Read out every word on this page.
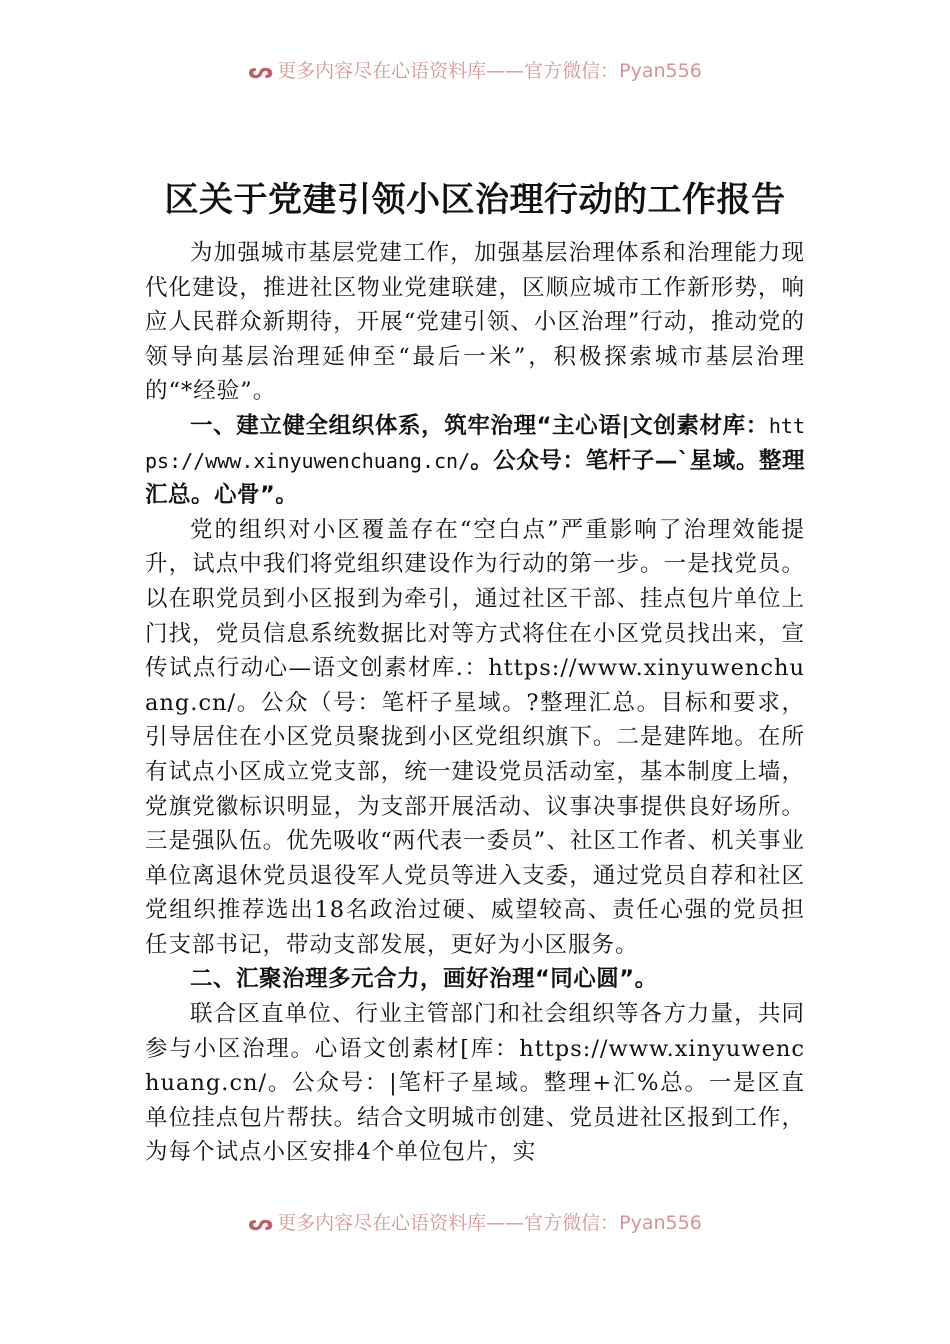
ᔕ 更多内容尽在心语资料库——官方微信：Pyan556
区关于党建引领小区治理行动的工作报告

为加强城市基层党建工作，加强基层治理体系和治理能力现代化建设，推进社区物业党建联建，区顺应城市工作新形势，响应人民群众新期待，开展“党建引领、小区治理”行动，推动党的领导向基层治理延伸至“最后一米”，积极探索城市基层治理的“*经验”。

一、建立健全组织体系，筑牢治理“主心语|文创素材库：https://www.xinyuwenchuang.cn/。公众号：笔杆子—`星域。整理汇总。心骨”。

党的组织对小区覆盖存在“空白点”严重影响了治理效能提升，试点中我们将党组织建设作为行动的第一步。一是找党员。以在职党员到小区报到为牵引，通过社区干部、挂点包片单位上门找，党员信息系统数据比对等方式将住在小区党员找出来，宣传试点行动心—语文创素材库.：https://www.xinyuwenchuang.cn/。公众（号：笔杆子星域。?整理汇总。目标和要求，引导居住在小区党员聚拢到小区党组织旗下。二是建阵地。在所有试点小区成立党支部，统一建设党员活动室，基本制度上墙，党旗党徽标识明显，为支部开展活动、议事决事提供良好场所。三是强队伍。优先吸收“两代表一委员”、社区工作者、机关事业单位离退休党员退役军人党员等进入支委，通过党员自荐和社区党组织推荐选出18名政治过硬、威望较高、责任心强的党员担任支部书记，带动支部发展，更好为小区服务。

二、汇聚治理多元合力，画好治理“同心圆”。

联合区直单位、行业主管部门和社会组织等各方力量，共同参与小区治理。心语文创素材[库：https://www.xinyuwenchuang.cn/。公众号：|笔杆子星域。整理+汇%总。一是区直单位挂点包片帮扶。结合文明城市创建、党员进社区报到工作，为每个试点小区安排4个单位包片，实

ᔕ 更多内容尽在心语资料库——官方微信：Pyan556
